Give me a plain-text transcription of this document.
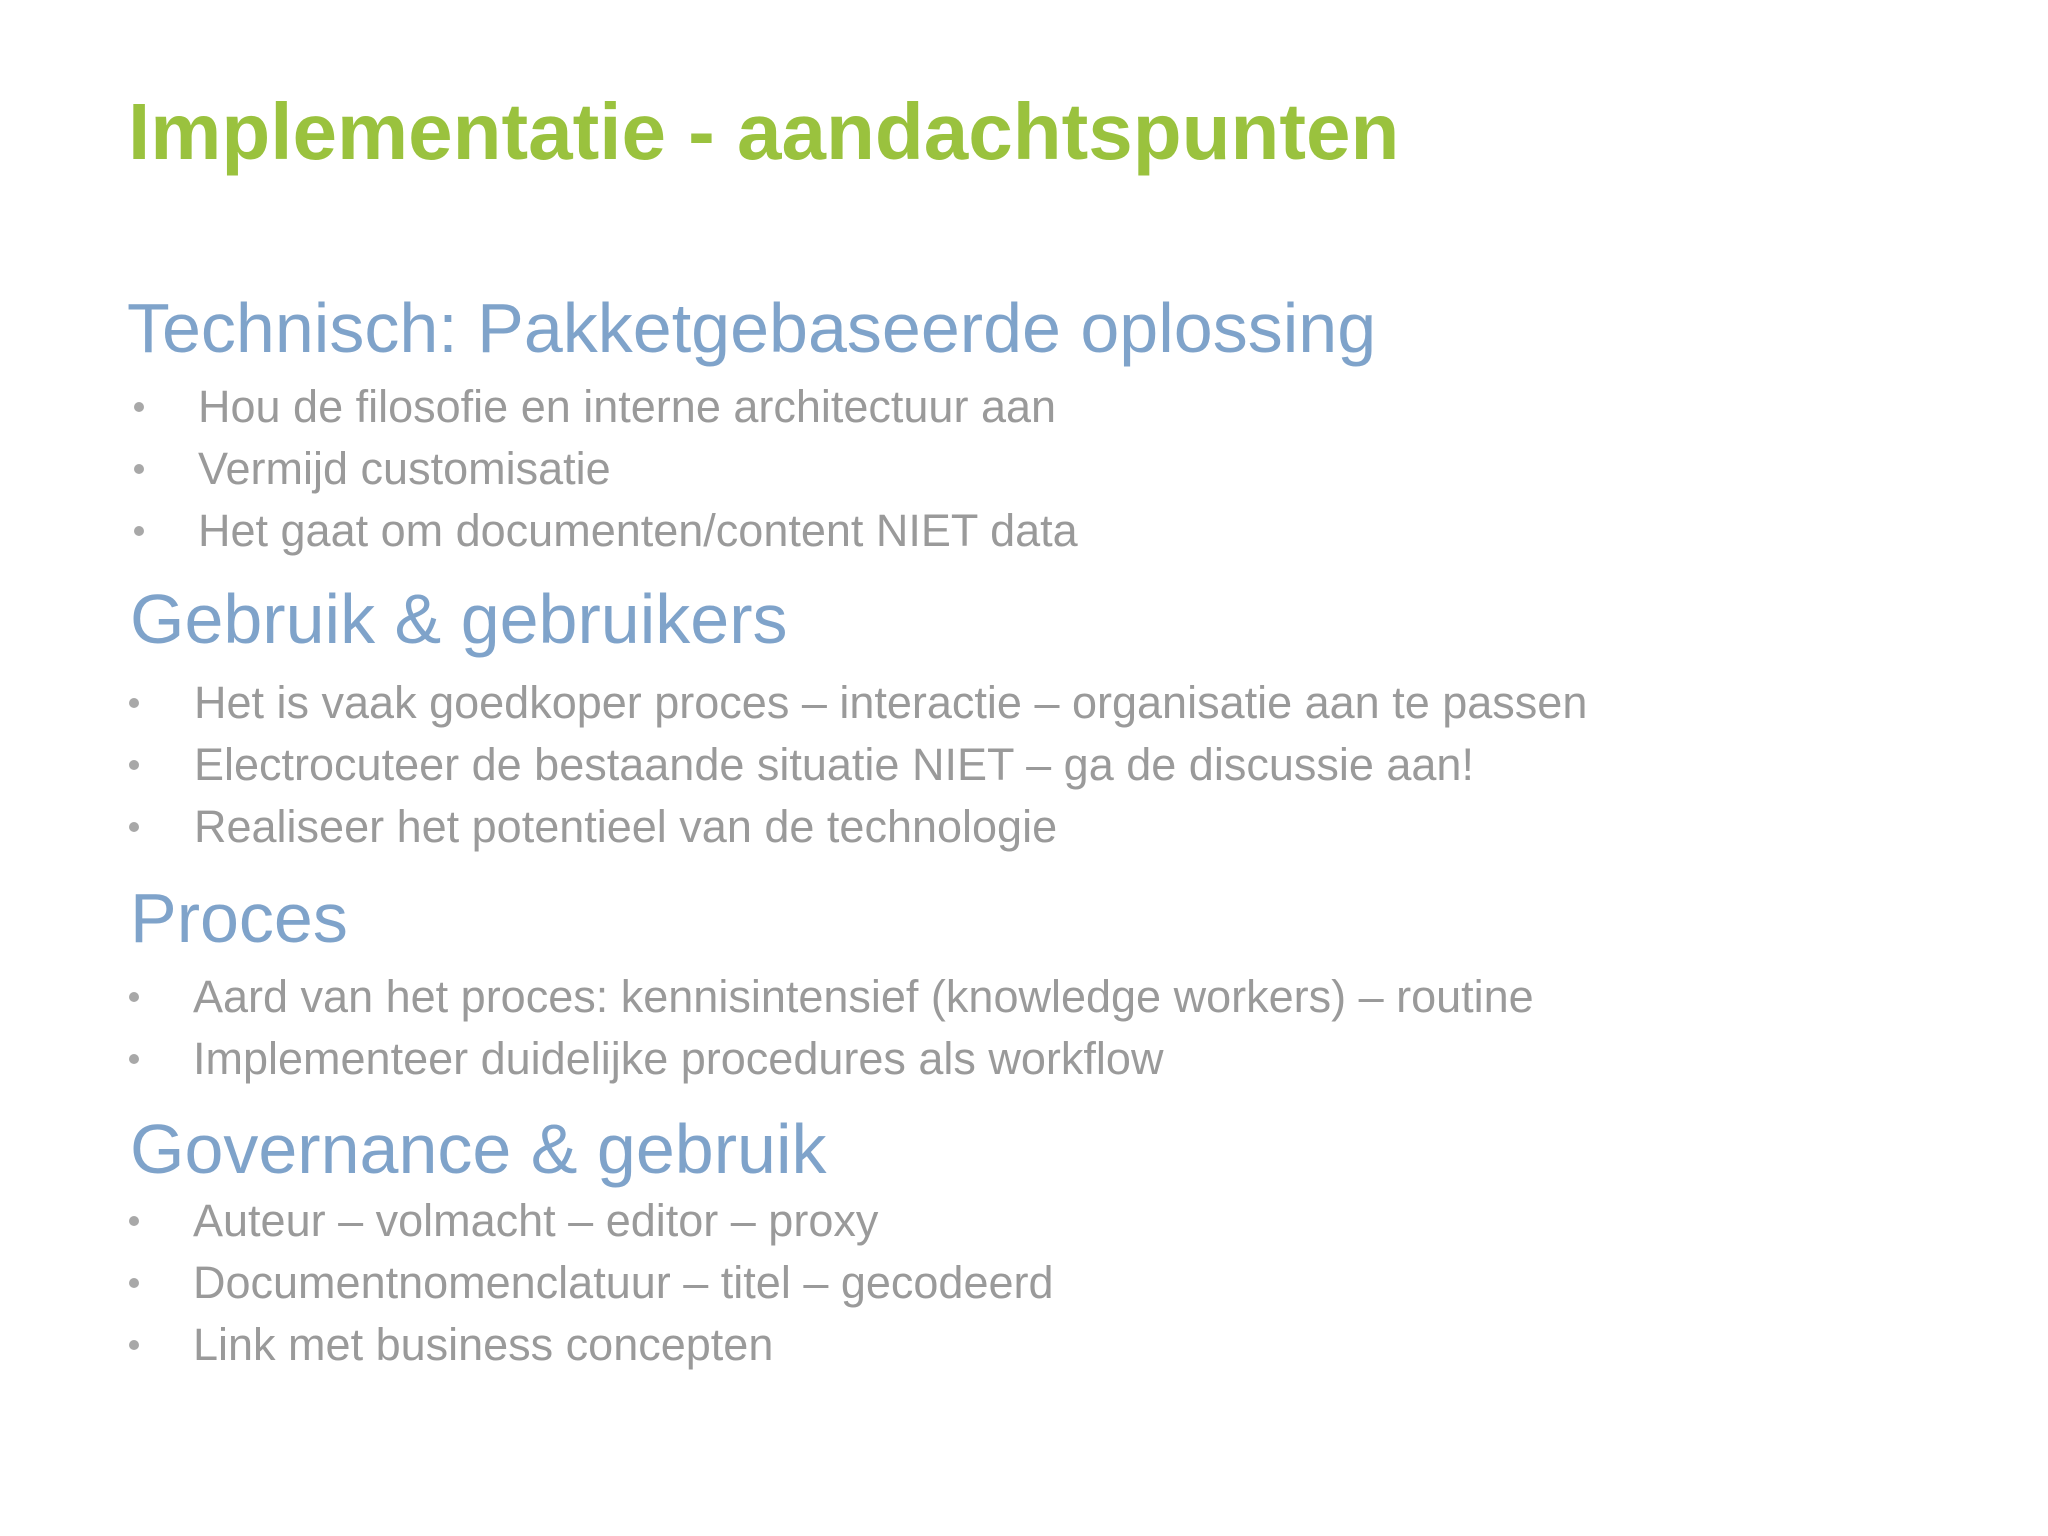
Implementatie - aandachtspunten
Technisch: Pakketgebaseerde oplossing
Hou de filosofie en interne architectuur aan
Vermijd customisatie
Het gaat om documenten/content NIET data
Gebruik & gebruikers
Het is vaak goedkoper proces – interactie – organisatie aan te passen
Electrocuteer de bestaande situatie NIET – ga de discussie aan!
Realiseer het potentieel van de technologie
Proces
Aard van het proces: kennisintensief (knowledge workers) – routine
Implementeer duidelijke procedures als workflow
Governance & gebruik
Auteur – volmacht – editor – proxy
Documentnomenclatuur – titel – gecodeerd
Link met business concepten
